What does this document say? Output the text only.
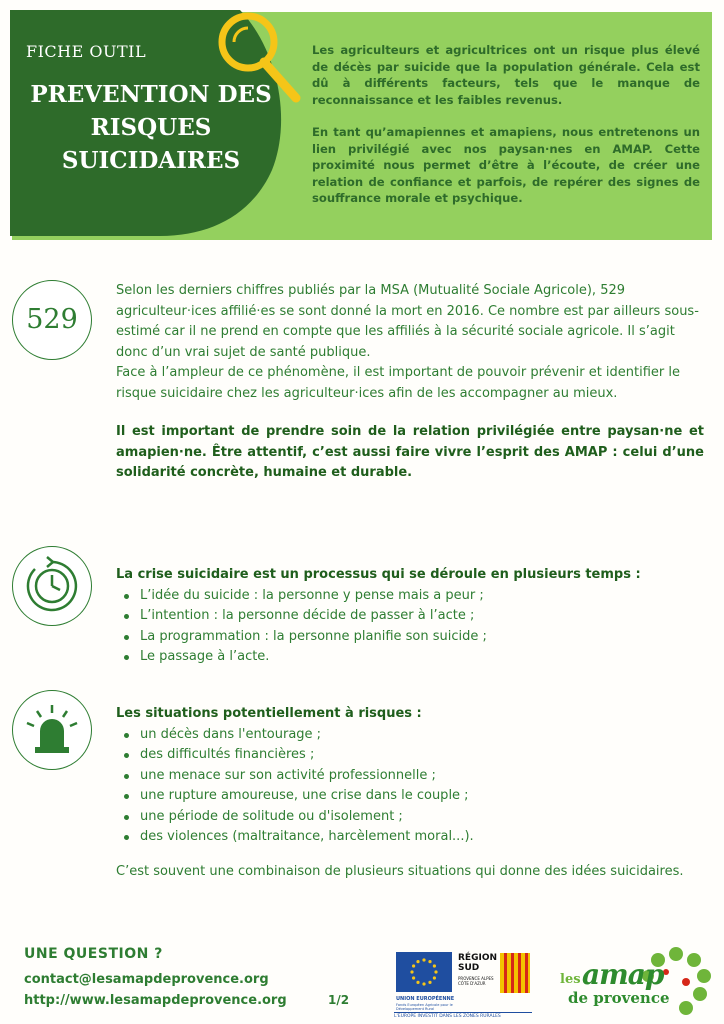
FICHE OUTIL
PREVENTION DES RISQUES SUICIDAIRES

Les agriculteurs et agricultrices ont un risque plus élevé de décès par suicide que la population générale. Cela est dû à différents facteurs, tels que le manque de reconnaissance et les faibles revenus.

En tant qu’amapiennes et amapiens, nous entretenons un lien privilégié avec nos paysan·nes en AMAP. Cette proximité nous permet d’être à l’écoute, de créer une relation de confiance et parfois, de repérer des signes de souffrance morale et psychique.

529

Selon les derniers chiffres publiés par la MSA (Mutualité Sociale Agricole), 529 agriculteur·ices affilié·es se sont donné la mort en 2016. Ce nombre est par ailleurs sous-estimé car il ne prend en compte que les affiliés à la sécurité sociale agricole. Il s’agit donc d’un vrai sujet de santé publique.

Face à l’ampleur de ce phénomène, il est important de pouvoir prévenir et identifier le risque suicidaire chez les agriculteur·ices afin de les accompagner au mieux.

Il est important de prendre soin de la relation privilégiée entre paysan·ne et amapien·ne. Être attentif, c’est aussi faire vivre l’esprit des AMAP : celui d’une solidarité concrète, humaine et durable.

La crise suicidaire est un processus qui se déroule en plusieurs temps :
L’idée du suicide : la personne y pense mais a peur ;
L’intention : la personne décide de passer à l’acte ;
La programmation : la personne planifie son suicide ;
Le passage à l’acte.
Les situations potentiellement à risques :
un décès dans l'entourage ;
des difficultés financières ;
une menace sur son activité professionnelle ;
une rupture amoureuse, une crise dans le couple ;
une période de solitude ou d'isolement ;
des violences (maltraitance, harcèlement moral...).
C’est souvent une combinaison de plusieurs situations qui donne des idées suicidaires.
UNE QUESTION ?
contact@lesamapdeprovence.org
http://www.lesamapdeprovence.org	1/2	UNION EUROPÉENNE
Fonds Européen Agricole pour le Développement Rural
L'EUROPE INVESTIT DANS LES ZONES RURALES
RÉGION SUD
PROVENCE ALPES CÔTE D'AZUR	les amap
de provence
